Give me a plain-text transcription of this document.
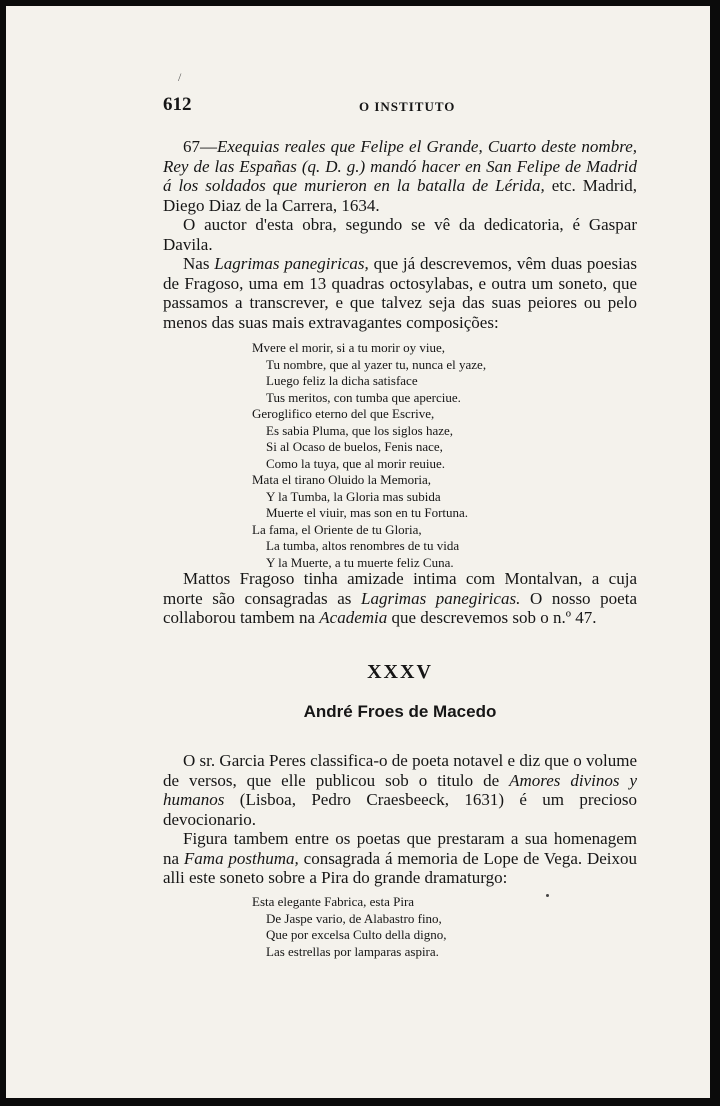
/
612	O INSTITUTO

67—Exequias reales que Felipe el Grande, Cuarto deste nombre, Rey de las Españas (q. D. g.) mandó hacer en San Felipe de Madrid á los soldados que murieron en la batalla de Lérida, etc. Madrid, Diego Diaz de la Carrera, 1634.

O auctor d'esta obra, segundo se vê da dedicatoria, é Gaspar Davila.

Nas Lagrimas panegiricas, que já descrevemos, vêm duas poesias de Fragoso, uma em 13 quadras octosylabas, e outra um soneto, que passamos a transcrever, e que talvez seja das suas peiores ou pelo menos das suas mais extravagantes composições:

Mvere el morir, si a tu morir oy viue,
Tu nombre, que al yazer tu, nunca el yaze,
Luego feliz la dicha satisface
Tus meritos, con tumba que aperciue.
Geroglifico eterno del que Escrive,
Es sabia Pluma, que los siglos haze,
Si al Ocaso de buelos, Fenis nace,
Como la tuya, que al morir reuiue.
Mata el tirano Oluido la Memoria,
Y la Tumba, la Gloria mas subida
Muerte el viuir, mas son en tu Fortuna.
La fama, el Oriente de tu Gloria,
La tumba, altos renombres de tu vida
Y la Muerte, a tu muerte feliz Cuna.

Mattos Fragoso tinha amizade intima com Montalvan, a cuja morte são consagradas as Lagrimas panegiricas. O nosso poeta collaborou tambem na Academia que descrevemos sob o n.º 47.

XXXV
André Froes de Macedo

O sr. Garcia Peres classifica-o de poeta notavel e diz que o volume de versos, que elle publicou sob o titulo de Amores divinos y humanos (Lisboa, Pedro Craesbeeck, 1631) é um precioso devocionario.

Figura tambem entre os poetas que prestaram a sua homenagem na Fama posthuma, consagrada á memoria de Lope de Vega. Deixou alli este soneto sobre a Pira do grande dramaturgo:

Esta elegante Fabrica, esta Pira
De Jaspe vario, de Alabastro fino,
Que por excelsa Culto della digno,
Las estrellas por lamparas aspira.
